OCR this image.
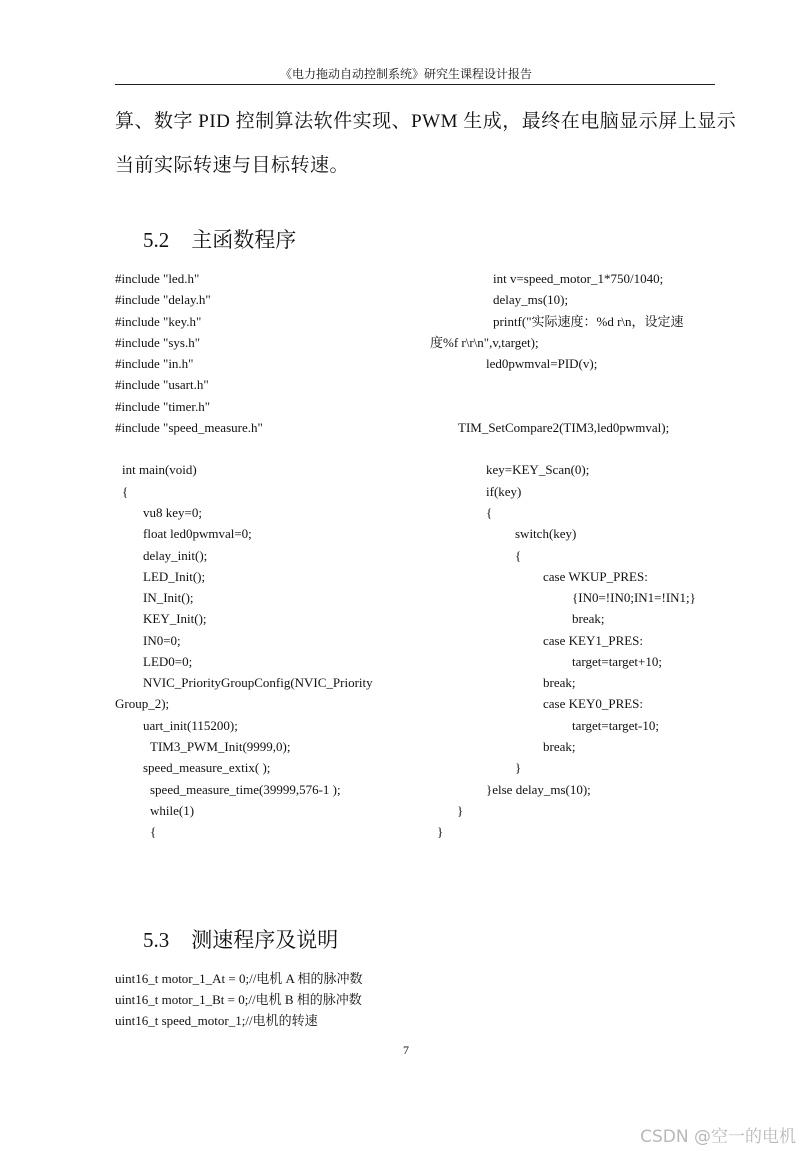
《电力拖动自动控制系统》研究生课程设计报告
算、数字 PID 控制算法软件实现、PWM 生成，最终在电脑显示屏上显示
当前实际转速与目标转速。
5.2 主函数程序
#include "led.h"
#include "delay.h"
#include "key.h"
#include "sys.h"
#include "in.h"
#include "usart.h"
#include "timer.h"
#include "speed_measure.h"
int main(void)
{
vu8 key=0;
float led0pwmval=0;
delay_init();
LED_Init();
IN_Init();
KEY_Init();
IN0=0;
LED0=0;
NVIC_PriorityGroupConfig(NVIC_Priority
Group_2);
uart_init(115200);
TIM3_PWM_Init(9999,0);
speed_measure_extix( );
speed_measure_time(39999,576-1 );
while(1)
{
int v=speed_motor_1*750/1040;
delay_ms(10);
printf("实际速度：%d r\n，设定速
度%f r\r\n",v,target);
led0pwmval=PID(v);
TIM_SetCompare2(TIM3,led0pwmval);
key=KEY_Scan(0);
if(key)
{
switch(key)
{
case WKUP_PRES:
{IN0=!IN0;IN1=!IN1;}
break;
case KEY1_PRES:
target=target+10;
break;
case KEY0_PRES:
target=target-10;
break;
}
}else delay_ms(10);
}
}
5.3 测速程序及说明
uint16_t motor_1_At = 0;//电机 A 相的脉冲数
uint16_t motor_1_Bt = 0;//电机 B 相的脉冲数
uint16_t speed_motor_1;//电机的转速
7
CSDN @空一的电机
